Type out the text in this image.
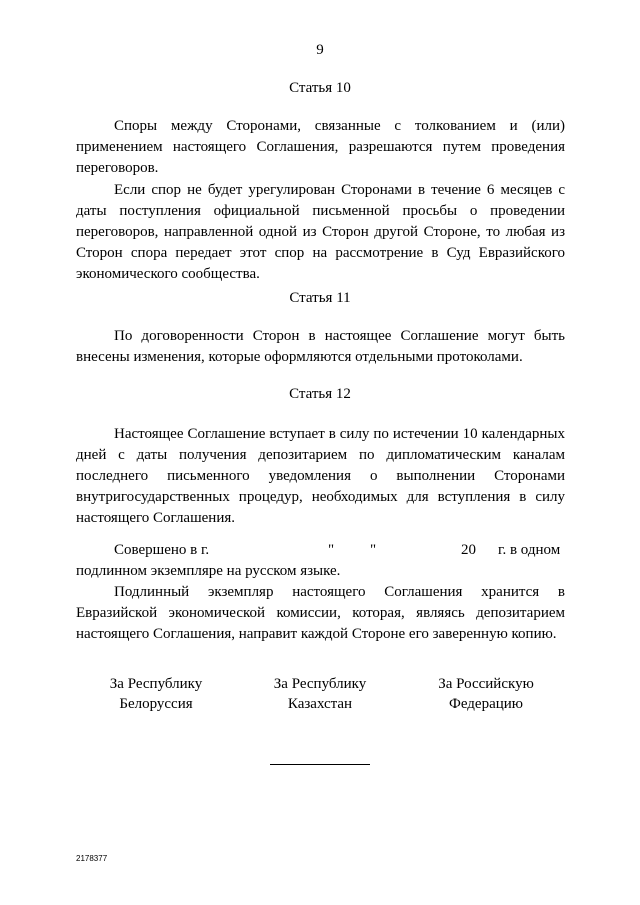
9
Статья 10

Споры между Сторонами, связанные с толкованием и (или) применением настоящего Соглашения, разрешаются путем проведения переговоров.

Если спор не будет урегулирован Сторонами в течение 6 месяцев с даты поступления официальной письменной просьбы о проведении переговоров, направленной одной из Сторон другой Стороне, то любая из Сторон спора передает этот спор на рассмотрение в Суд Евразийского экономического сообщества.

Статья 11

По договоренности Сторон в настоящее Соглашение могут быть внесены изменения, которые оформляются отдельными протоколами.

Статья 12

Настоящее Соглашение вступает в силу по истечении 10 календарных дней с даты получения депозитарием по дипломатическим каналам последнего письменного уведомления о выполнении Сторонами внутригосударственных процедур, необходимых для вступления в силу настоящего Соглашения.

Совершено в г.	" "	20 г. в одном

подлинном экземпляре на русском языке.

Подлинный экземпляр настоящего Соглашения хранится в Евразийской экономической комиссии, которая, являясь депозитарием настоящего Соглашения, направит каждой Стороне его заверенную копию.

За Республику
Белоруссия
За Республику
Казахстан
За Российскую
Федерацию
2178377
